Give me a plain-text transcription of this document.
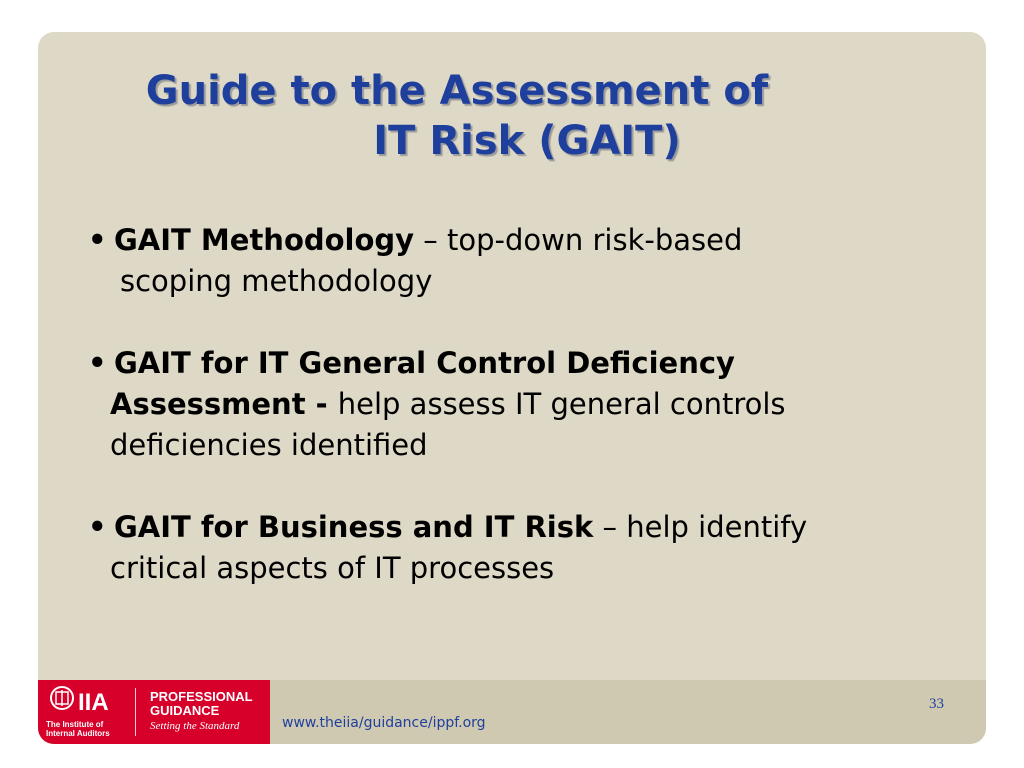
Guide to the Assessment of
IT Risk (GAIT)
• GAIT Methodology – top-down risk-based
scoping methodology
• GAIT for IT General Control Deficiency
Assessment - help assess IT general controls
deficiencies identified
• GAIT for Business and IT Risk – help identify
critical aspects of IT processes
IIA
The Institute of
Internal Auditors
PROFESSIONAL
GUIDANCE
Setting the Standard	www.theiia/guidance/ippf.org
33
